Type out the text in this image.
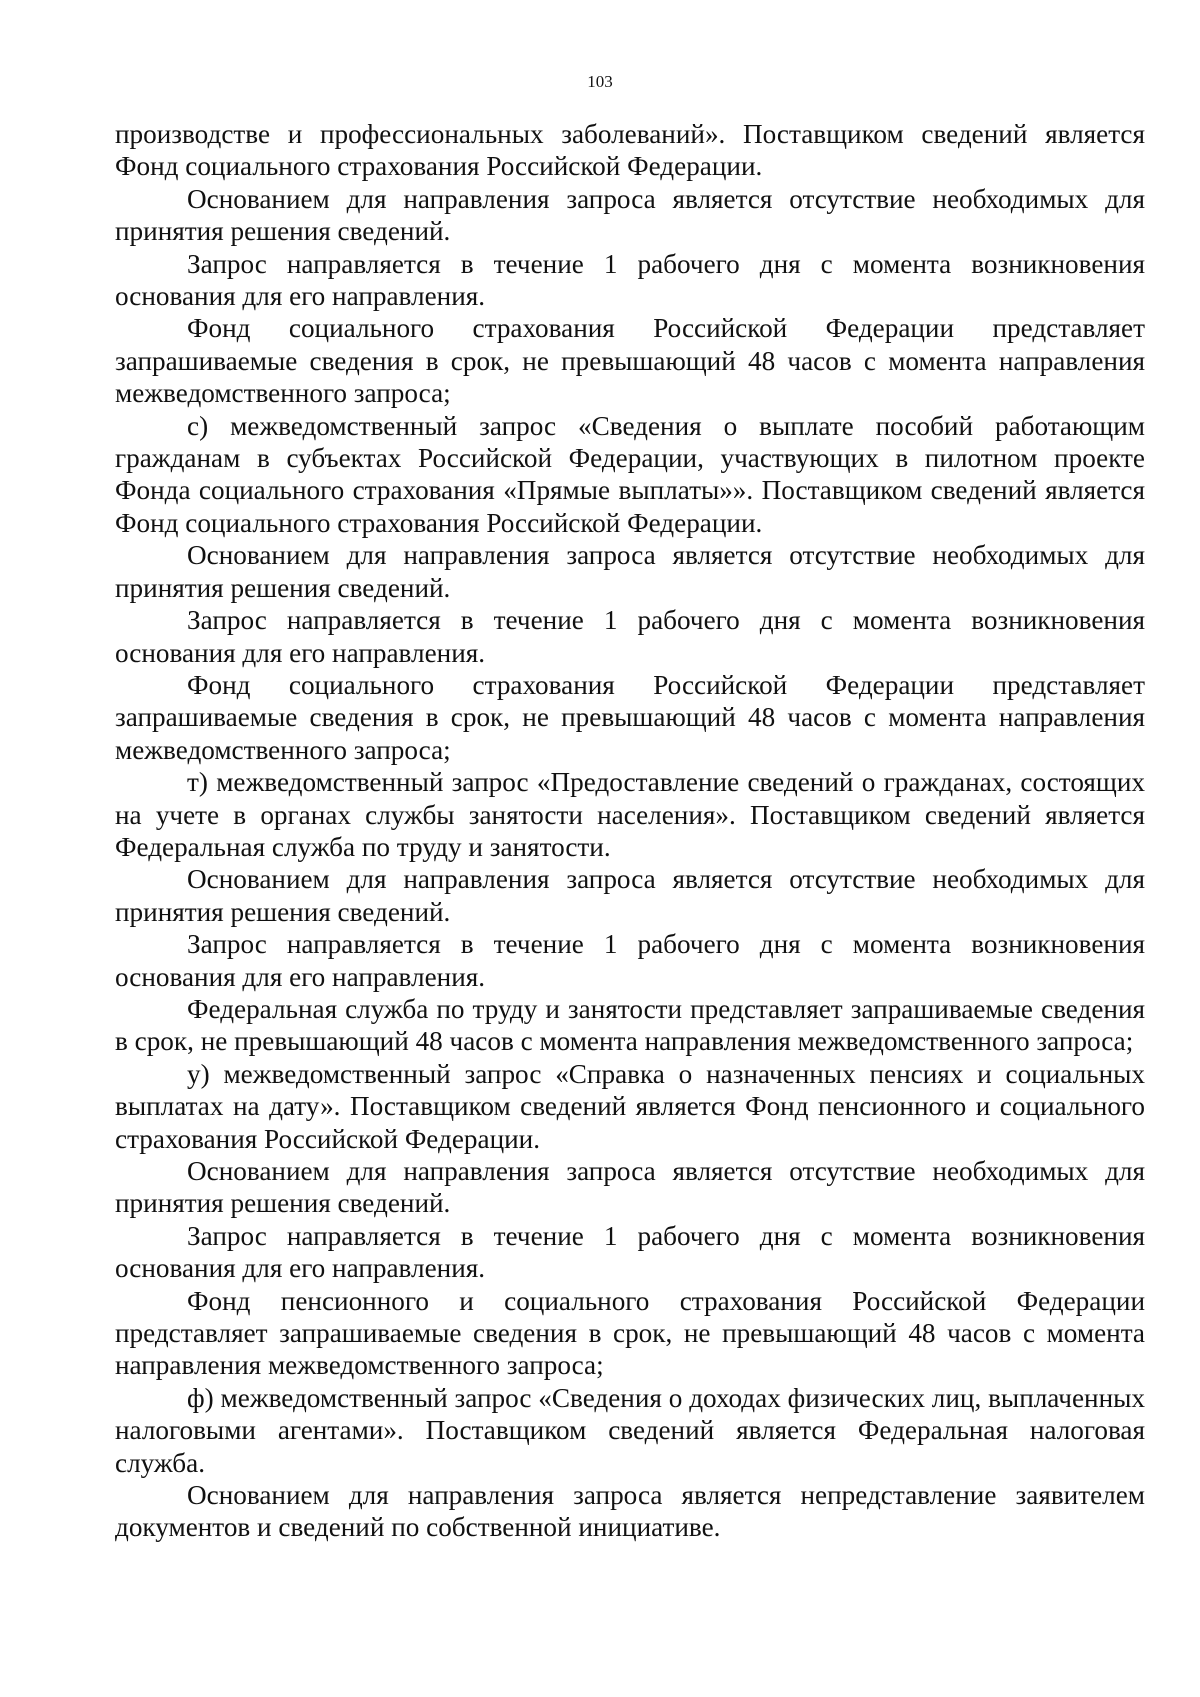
103

производстве и профессиональных заболеваний». Поставщиком сведений является Фонд социального страхования Российской Федерации.

Основанием для направления запроса является отсутствие необходимых для принятия решения сведений.

Запрос направляется в течение 1 рабочего дня с момента возникновения основания для его направления.

Фонд социального страхования Российской Федерации представляет запрашиваемые сведения в срок, не превышающий 48 часов с момента направления межведомственного запроса;

с) межведомственный запрос «Сведения о выплате пособий работающим гражданам в субъектах Российской Федерации, участвующих в пилотном проекте Фонда социального страхования «Прямые выплаты»». Поставщиком сведений является Фонд социального страхования Российской Федерации.

Основанием для направления запроса является отсутствие необходимых для принятия решения сведений.

Запрос направляется в течение 1 рабочего дня с момента возникновения основания для его направления.

Фонд социального страхования Российской Федерации представляет запрашиваемые сведения в срок, не превышающий 48 часов с момента направления межведомственного запроса;

т) межведомственный запрос «Предоставление сведений о гражданах, состоящих на учете в органах службы занятости населения». Поставщиком сведений является Федеральная служба по труду и занятости.

Основанием для направления запроса является отсутствие необходимых для принятия решения сведений.

Запрос направляется в течение 1 рабочего дня с момента возникновения основания для его направления.

Федеральная служба по труду и занятости представляет запрашиваемые сведения в срок, не превышающий 48 часов с момента направления межведомственного запроса;

у) межведомственный запрос «Справка о назначенных пенсиях и социальных выплатах на дату». Поставщиком сведений является Фонд пенсионного и социального страхования Российской Федерации.

Основанием для направления запроса является отсутствие необходимых для принятия решения сведений.

Запрос направляется в течение 1 рабочего дня с момента возникновения основания для его направления.

Фонд пенсионного и социального страхования Российской Федерации представляет запрашиваемые сведения в срок, не превышающий 48 часов с момента направления межведомственного запроса;

ф) межведомственный запрос «Сведения о доходах физических лиц, выплаченных налоговыми агентами». Поставщиком сведений является Федеральная налоговая служба.

Основанием для направления запроса является непредставление заявителем документов и сведений по собственной инициативе.
